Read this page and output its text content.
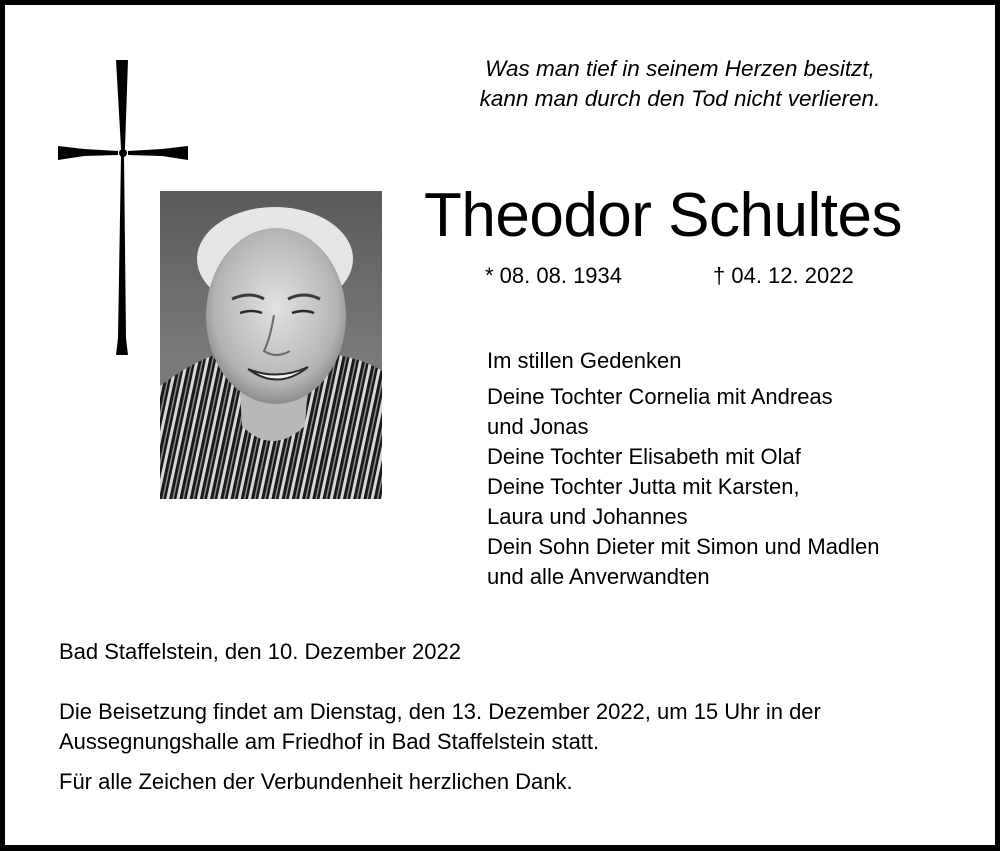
Was man tief in seinem Herzen besitzt,
kann man durch den Tod nicht verlieren.
Theodor Schultes
* 08. 08. 1934	† 04. 12. 2022
Im stillen Gedenken
Deine Tochter Cornelia mit Andreas
und Jonas
Deine Tochter Elisabeth mit Olaf
Deine Tochter Jutta mit Karsten,
Laura und Johannes
Dein Sohn Dieter mit Simon und Madlen
und alle Anverwandten
Bad Staffelstein, den 10. Dezember 2022
Die Beisetzung findet am Dienstag, den 13. Dezember 2022, um 15 Uhr in der
Aussegnungshalle am Friedhof in Bad Staffelstein statt.
Für alle Zeichen der Verbundenheit herzlichen Dank.
